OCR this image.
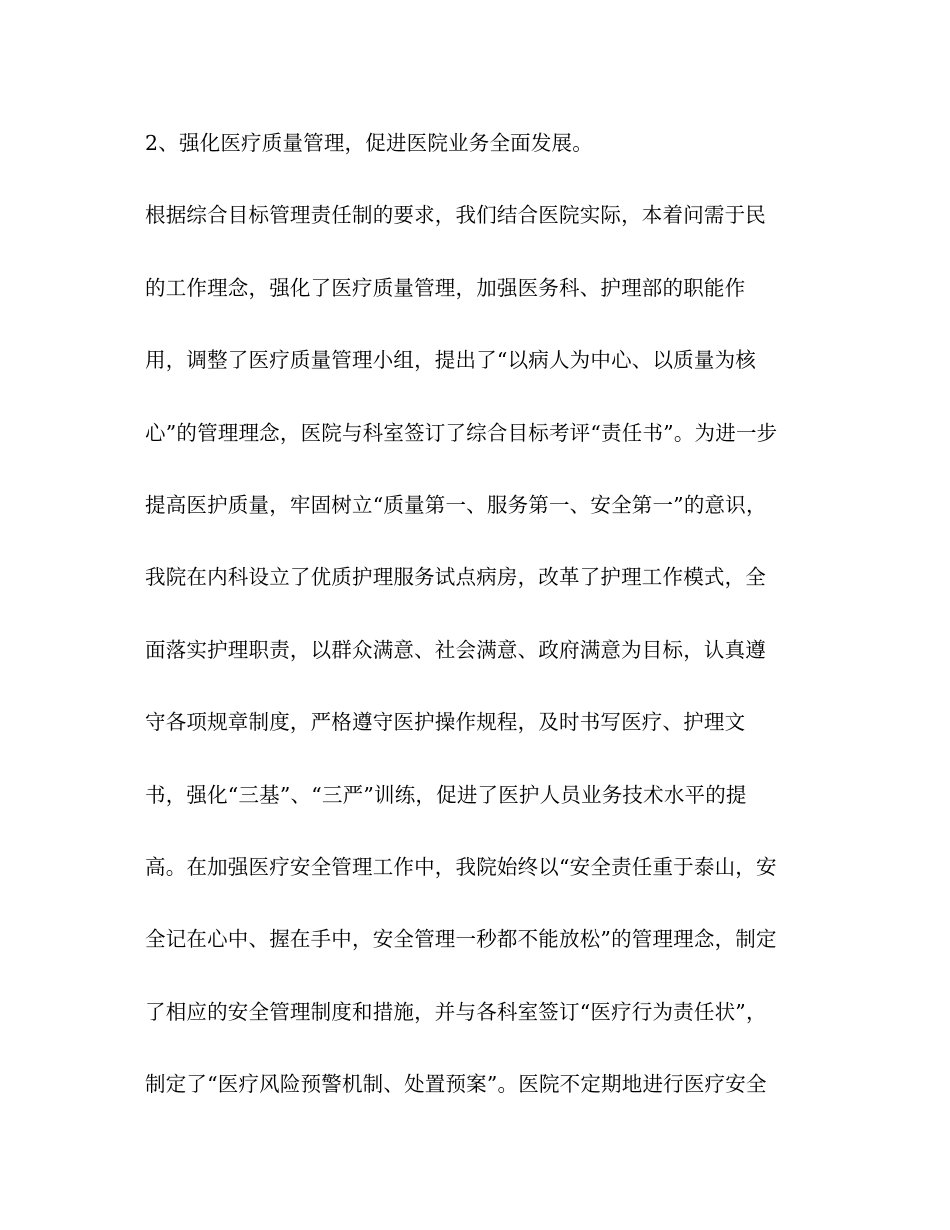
2、强化医疗质量管理，促进医院业务全面发展。
根据综合目标管理责任制的要求，我们结合医院实际，本着问需于民
的工作理念，强化了医疗质量管理，加强医务科、护理部的职能作
用，调整了医疗质量管理小组，提出了“以病人为中心、以质量为核
心”的管理理念，医院与科室签订了综合目标考评“责任书”。为进一步
提高医护质量，牢固树立“质量第一、服务第一、安全第一”的意识，
我院在内科设立了优质护理服务试点病房，改革了护理工作模式，全
面落实护理职责，以群众满意、社会满意、政府满意为目标，认真遵
守各项规章制度，严格遵守医护操作规程，及时书写医疗、护理文
书，强化“三基”、“三严”训练，促进了医护人员业务技术水平的提
高。在加强医疗安全管理工作中，我院始终以“安全责任重于泰山，安
全记在心中、握在手中，安全管理一秒都不能放松”的管理理念，制定
了相应的安全管理制度和措施，并与各科室签订“医疗行为责任状”，
制定了“医疗风险预警机制、处置预案”。医院不定期地进行医疗安全
